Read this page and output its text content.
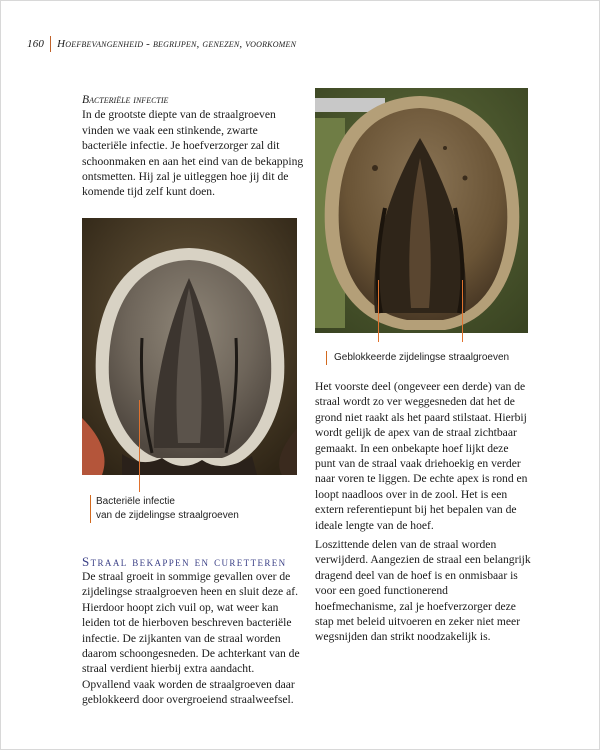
160 Hoefbevangenheid - begrijpen, genezen, voorkomen
Bacteriële infectie
In de grootste diepte van de straalgroeven vinden we vaak een stinkende, zwarte bacteriële infectie. Je hoefverzorger zal dit schoonmaken en aan het eind van de bekapping ontsmetten. Hij zal je uitleggen hoe jij dit de komende tijd zelf kunt doen.
Bacteriële infectie
van de zijdelingse straalgroeven
Straal bekappen en curetteren
De straal groeit in sommige gevallen over de zijdelingse straalgroeven heen en sluit deze af. Hierdoor hoopt zich vuil op, wat weer kan leiden tot de hierboven beschreven bacteriële infectie. De zijkanten van de straal worden daarom schoongesneden. De achterkant van de straal verdient hierbij extra aandacht. Opvallend vaak worden de straalgroeven daar geblokkeerd door overgroeiend straalweefsel.
Geblokkeerde zijdelingse straalgroeven
Het voorste deel (ongeveer een derde) van de straal wordt zo ver weggesneden dat het de grond niet raakt als het paard stilstaat. Hierbij wordt gelijk de apex van de straal zichtbaar gemaakt. In een onbekapte hoef lijkt deze punt van de straal vaak driehoekig en verder naar voren te liggen. De echte apex is rond en loopt naadloos over in de zool. Het is een extern referentiepunt bij het bepalen van de ideale lengte van de hoef.
Loszittende delen van de straal worden verwijderd. Aangezien de straal een belangrijk dragend deel van de hoef is en onmisbaar is voor een goed functionerend hoefmechanisme, zal je hoefverzorger deze stap met beleid uitvoeren en zeker niet meer wegsnijden dan strikt noodzakelijk is.
